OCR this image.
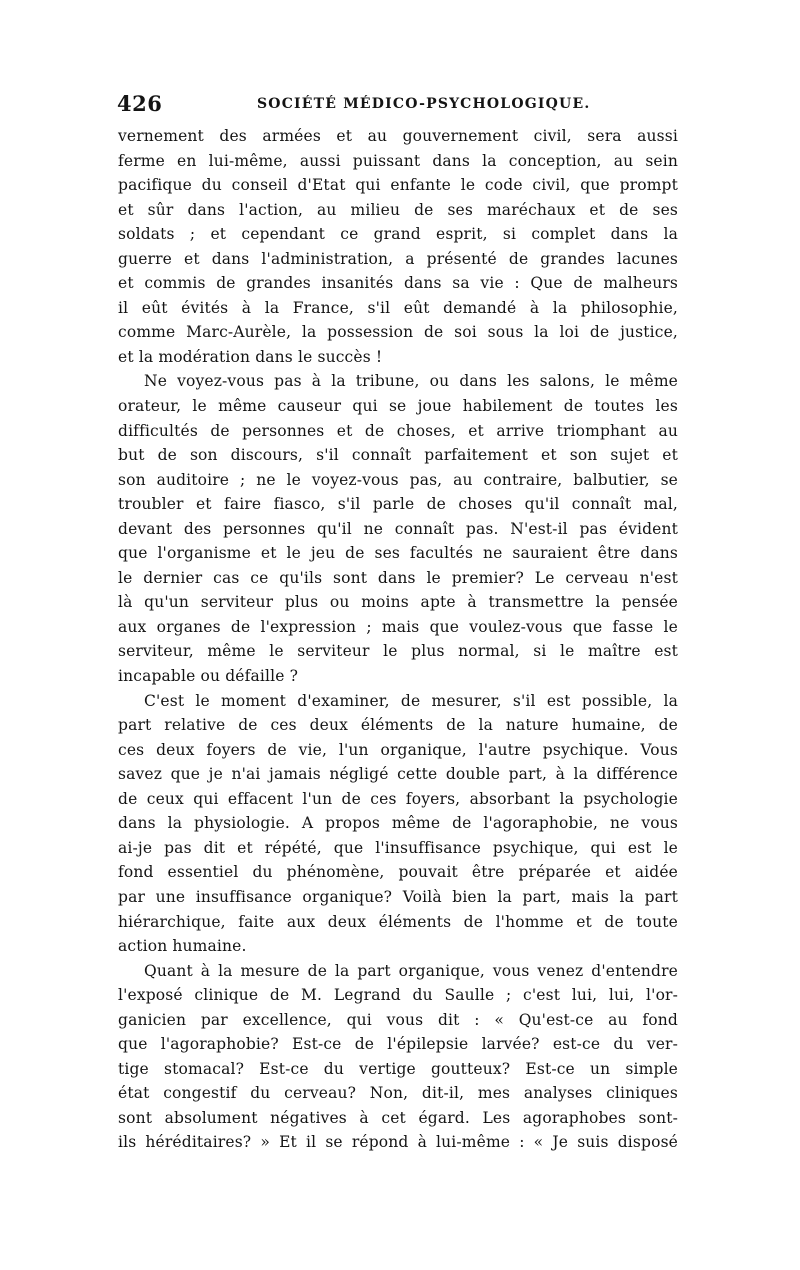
426	SOCIÉTÉ MÉDICO-PSYCHOLOGIQUE.
vernement des armées et au gouvernement civil, sera aussi
ferme en lui-même, aussi puissant dans la conception, au sein
pacifique du conseil d'Etat qui enfante le code civil, que prompt
et sûr dans l'action, au milieu de ses maréchaux et de ses
soldats ; et cependant ce grand esprit, si complet dans la
guerre et dans l'administration, a présenté de grandes lacunes
et commis de grandes insanités dans sa vie : Que de malheurs
il eût évités à la France, s'il eût demandé à la philosophie,
comme Marc-Aurèle, la possession de soi sous la loi de justice,
et la modération dans le succès !
Ne voyez-vous pas à la tribune, ou dans les salons, le même
orateur, le même causeur qui se joue habilement de toutes les
difficultés de personnes et de choses, et arrive triomphant au
but de son discours, s'il connaît parfaitement et son sujet et
son auditoire ; ne le voyez-vous pas, au contraire, balbutier, se
troubler et faire fiasco, s'il parle de choses qu'il connaît mal,
devant des personnes qu'il ne connaît pas. N'est-il pas évident
que l'organisme et le jeu de ses facultés ne sauraient être dans
le dernier cas ce qu'ils sont dans le premier? Le cerveau n'est
là qu'un serviteur plus ou moins apte à transmettre la pensée
aux organes de l'expression ; mais que voulez-vous que fasse le
serviteur, même le serviteur le plus normal, si le maître est
incapable ou défaille ?
C'est le moment d'examiner, de mesurer, s'il est possible, la
part relative de ces deux éléments de la nature humaine, de
ces deux foyers de vie, l'un organique, l'autre psychique. Vous
savez que je n'ai jamais négligé cette double part, à la différence
de ceux qui effacent l'un de ces foyers, absorbant la psychologie
dans la physiologie. A propos même de l'agoraphobie, ne vous
ai-je pas dit et répété, que l'insuffisance psychique, qui est le
fond essentiel du phénomène, pouvait être préparée et aidée
par une insuffisance organique? Voilà bien la part, mais la part
hiérarchique, faite aux deux éléments de l'homme et de toute
action humaine.
Quant à la mesure de la part organique, vous venez d'entendre
l'exposé clinique de M. Legrand du Saulle ; c'est lui, lui, l'or-
ganicien par excellence, qui vous dit : « Qu'est-ce au fond
que l'agoraphobie? Est-ce de l'épilepsie larvée? est-ce du ver-
tige stomacal? Est-ce du vertige goutteux? Est-ce un simple
état congestif du cerveau? Non, dit-il, mes analyses cliniques
sont absolument négatives à cet égard. Les agoraphobes sont-
ils héréditaires? » Et il se répond à lui-même : « Je suis disposé
